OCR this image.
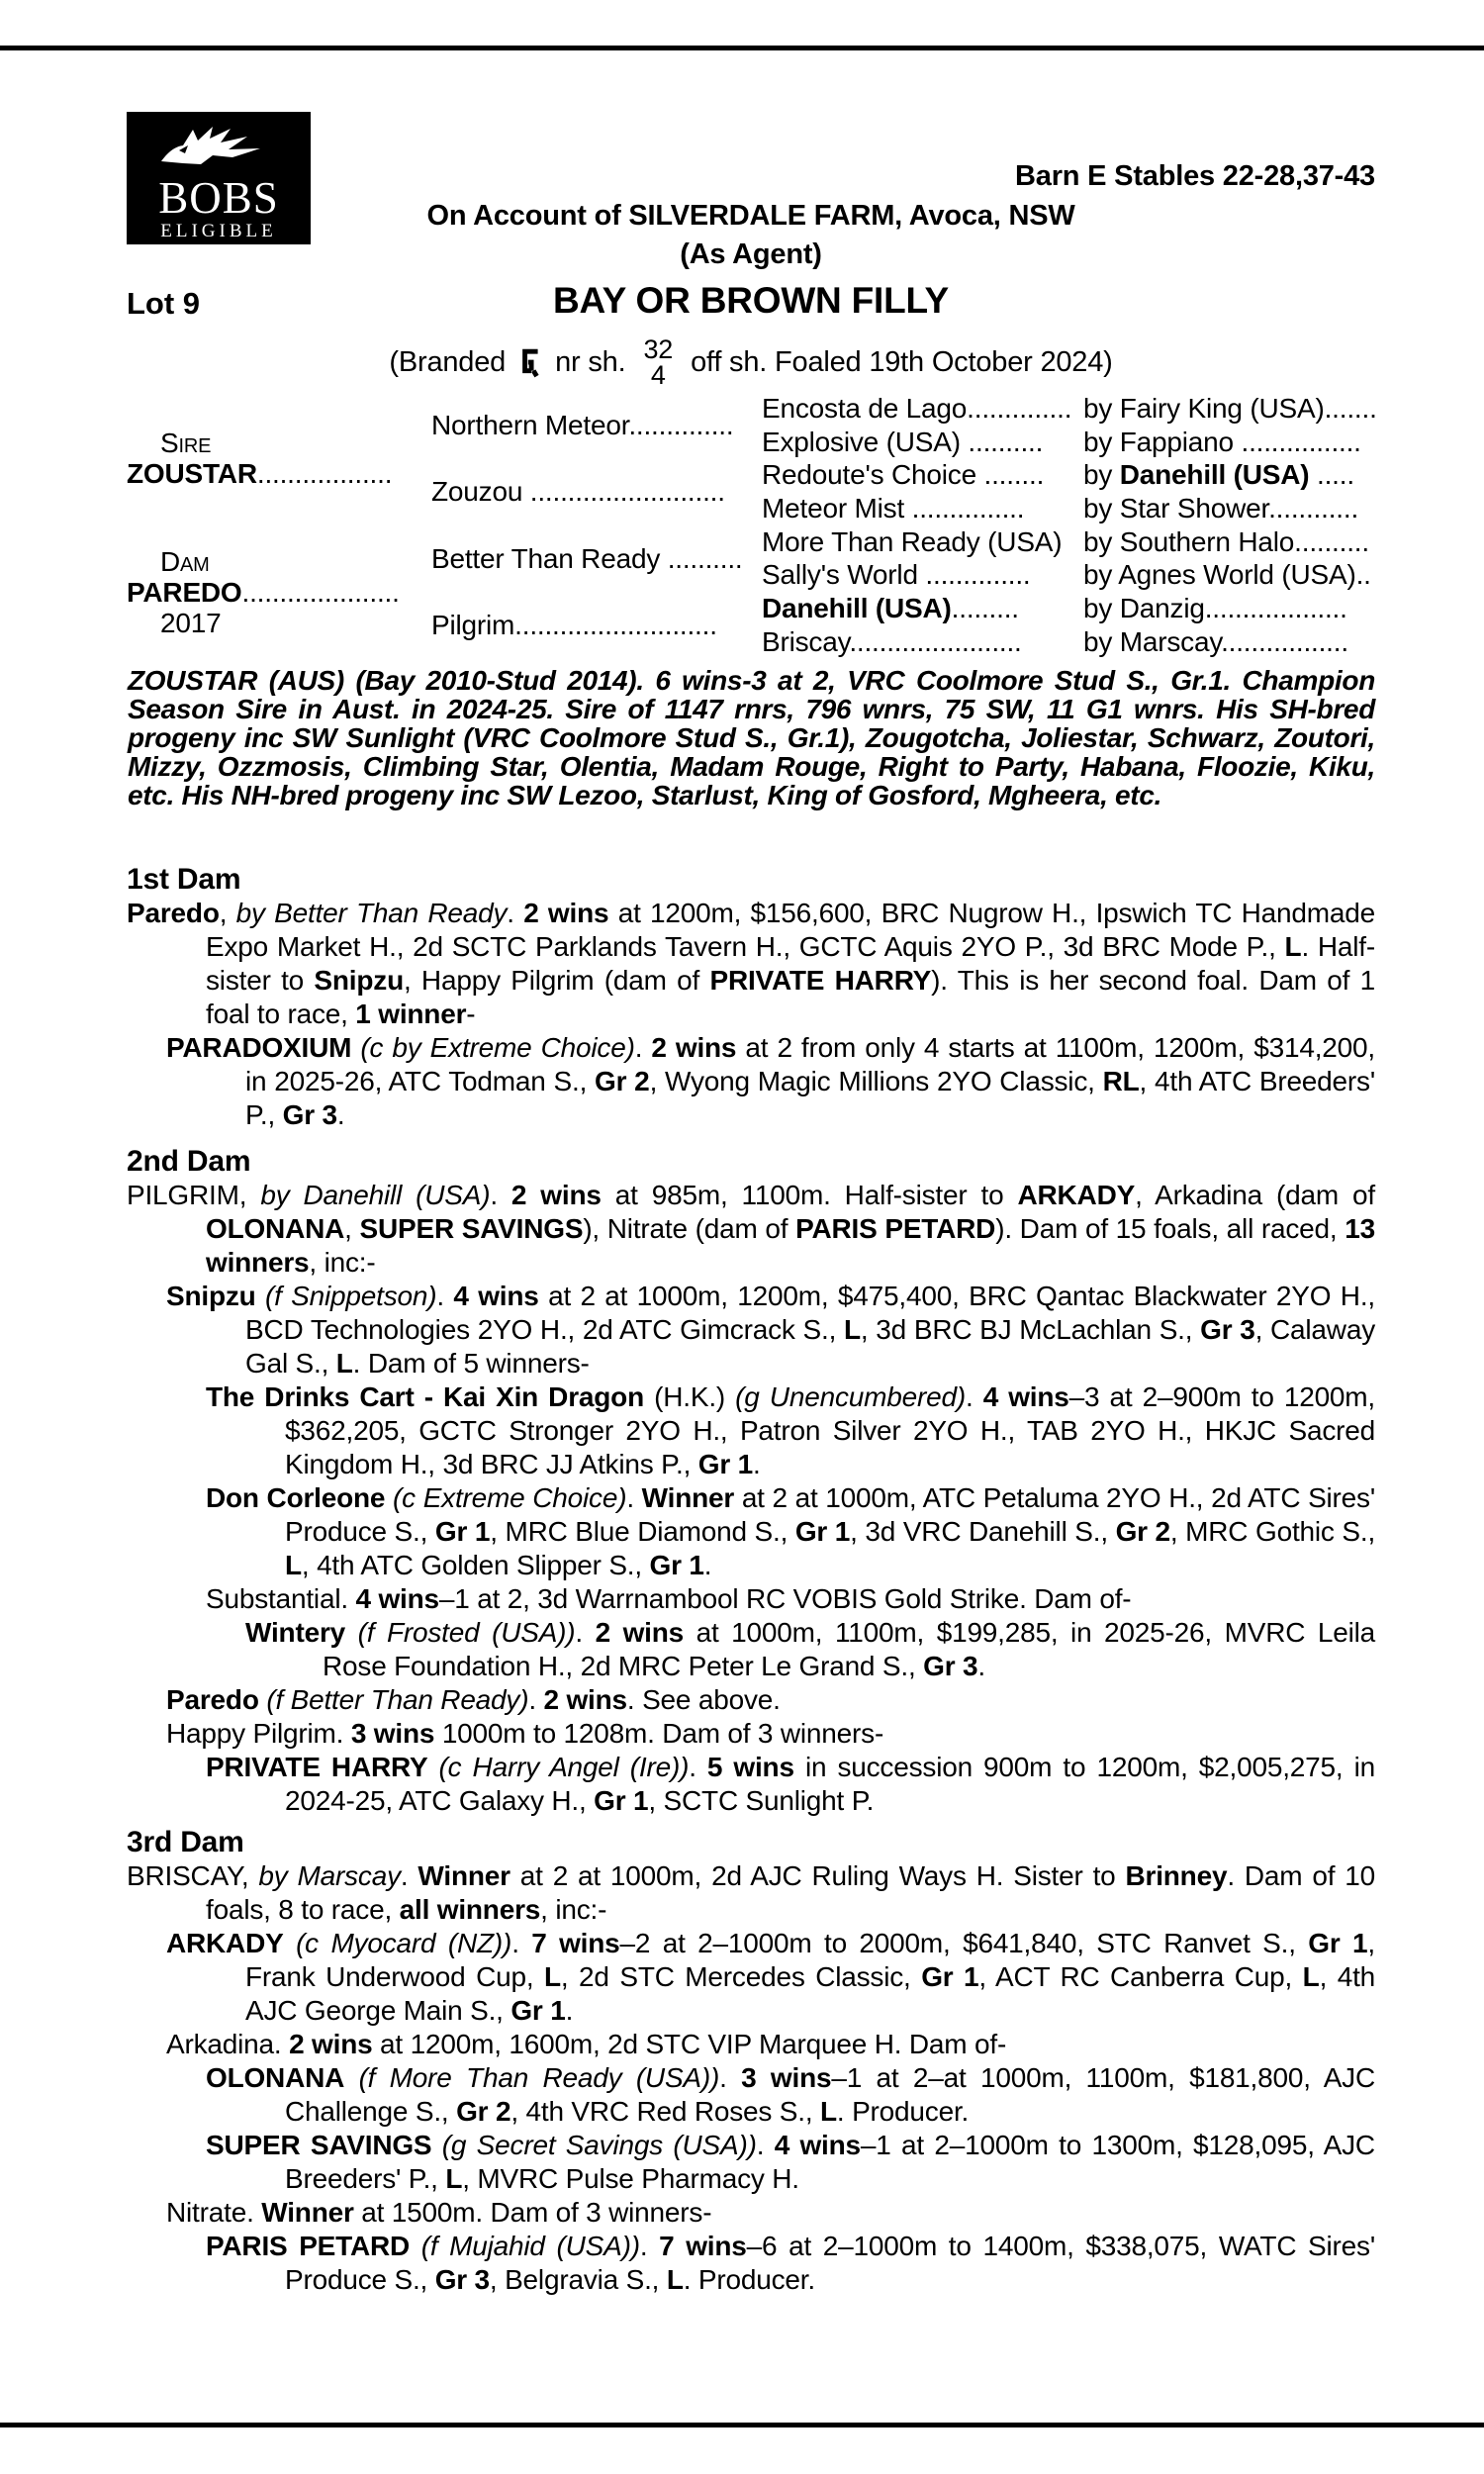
BOBS
ELIGIBLE
Barn E Stables 22-28,37-43
On Account of SILVERDALE FARM, Avoca, NSW
(As Agent)
Lot 9	BAY OR BROWN FILLY
(Branded nr sh. 32
4 off sh. Foaled 19th October 2024)
Sire
ZOUSTAR..................
Dam
PAREDO.....................
2017
Northern Meteor..............
Zouzou ..........................
Better Than Ready ..........
Pilgrim...........................
Encosta de Lago..............
Explosive (USA) ..........
Redoute's Choice ........
Meteor Mist ...............
More Than Ready (USA)
Sally's World ..............
Danehill (USA).........
Briscay.......................
by Fairy King (USA).......
by Fappiano ................
by Danehill (USA) .....
by Star Shower............
by Southern Halo..........
by Agnes World (USA)..
by Danzig...................
by Marscay.................

ZOUSTAR (AUS) (Bay 2010-Stud 2014). 6 wins-3 at 2, VRC Coolmore Stud S., Gr.1. Champion Season Sire in Aust. in 2024-25. Sire of 1147 rnrs, 796 wnrs, 75 SW, 11 G1 wnrs. His SH-bred progeny inc SW Sunlight (VRC Coolmore Stud S., Gr.1), Zougotcha, Joliestar, Schwarz, Zoutori, Mizzy, Ozzmosis, Climbing Star, Olentia, Madam Rouge, Right to Party, Habana, Floozie, Kiku, etc. His NH-bred progeny inc SW Lezoo, Starlust, King of Gosford, Mgheera, etc.

1st Dam

Paredo, by Better Than Ready. 2 wins at 1200m, $156,600, BRC Nugrow H., Ipswich TC Handmade Expo Market H., 2d SCTC Parklands Tavern H., GCTC Aquis 2YO P., 3d BRC Mode P., L. Half-sister to Snipzu, Happy Pilgrim (dam of PRIVATE HARRY). This is her second foal. Dam of 1 foal to race, 1 winner-

PARADOXIUM (c by Extreme Choice). 2 wins at 2 from only 4 starts at 1100m, 1200m, $314,200, in 2025-26, ATC Todman S., Gr 2, Wyong Magic Millions 2YO Classic, RL, 4th ATC Breeders' P., Gr 3.

2nd Dam

PILGRIM, by Danehill (USA). 2 wins at 985m, 1100m. Half-sister to ARKADY, Arkadina (dam of OLONANA, SUPER SAVINGS), Nitrate (dam of PARIS PETARD). Dam of 15 foals, all raced, 13 winners, inc:-

Snipzu (f Snippetson). 4 wins at 2 at 1000m, 1200m, $475,400, BRC Qantac Blackwater 2YO H., BCD Technologies 2YO H., 2d ATC Gimcrack S., L, 3d BRC BJ McLachlan S., Gr 3, Calaway Gal S., L. Dam of 5 winners-

The Drinks Cart - Kai Xin Dragon (H.K.) (g Unencumbered). 4 wins–3 at 2–900m to 1200m, $362,205, GCTC Stronger 2YO H., Patron Silver 2YO H., TAB 2YO H., HKJC Sacred Kingdom H., 3d BRC JJ Atkins P., Gr 1.

Don Corleone (c Extreme Choice). Winner at 2 at 1000m, ATC Petaluma 2YO H., 2d ATC Sires' Produce S., Gr 1, MRC Blue Diamond S., Gr 1, 3d VRC Danehill S., Gr 2, MRC Gothic S., L, 4th ATC Golden Slipper S., Gr 1.

Substantial. 4 wins–1 at 2, 3d Warrnambool RC VOBIS Gold Strike. Dam of-

Wintery (f Frosted (USA)). 2 wins at 1000m, 1100m, $199,285, in 2025-26, MVRC Leila Rose Foundation H., 2d MRC Peter Le Grand S., Gr 3.

Paredo (f Better Than Ready). 2 wins. See above.

Happy Pilgrim. 3 wins 1000m to 1208m. Dam of 3 winners-

PRIVATE HARRY (c Harry Angel (Ire)). 5 wins in succession 900m to 1200m, $2,005,275, in 2024-25, ATC Galaxy H., Gr 1, SCTC Sunlight P.

3rd Dam

BRISCAY, by Marscay. Winner at 2 at 1000m, 2d AJC Ruling Ways H. Sister to Brinney. Dam of 10 foals, 8 to race, all winners, inc:-

ARKADY (c Myocard (NZ)). 7 wins–2 at 2–1000m to 2000m, $641,840, STC Ranvet S., Gr 1, Frank Underwood Cup, L, 2d STC Mercedes Classic, Gr 1, ACT RC Canberra Cup, L, 4th AJC George Main S., Gr 1.

Arkadina. 2 wins at 1200m, 1600m, 2d STC VIP Marquee H. Dam of-

OLONANA (f More Than Ready (USA)). 3 wins–1 at 2–at 1000m, 1100m, $181,800, AJC Challenge S., Gr 2, 4th VRC Red Roses S., L. Producer.

SUPER SAVINGS (g Secret Savings (USA)). 4 wins–1 at 2–1000m to 1300m, $128,095, AJC Breeders' P., L, MVRC Pulse Pharmacy H.

Nitrate. Winner at 1500m. Dam of 3 winners-

PARIS PETARD (f Mujahid (USA)). 7 wins–6 at 2–1000m to 1400m, $338,075, WATC Sires' Produce S., Gr 3, Belgravia S., L. Producer.
